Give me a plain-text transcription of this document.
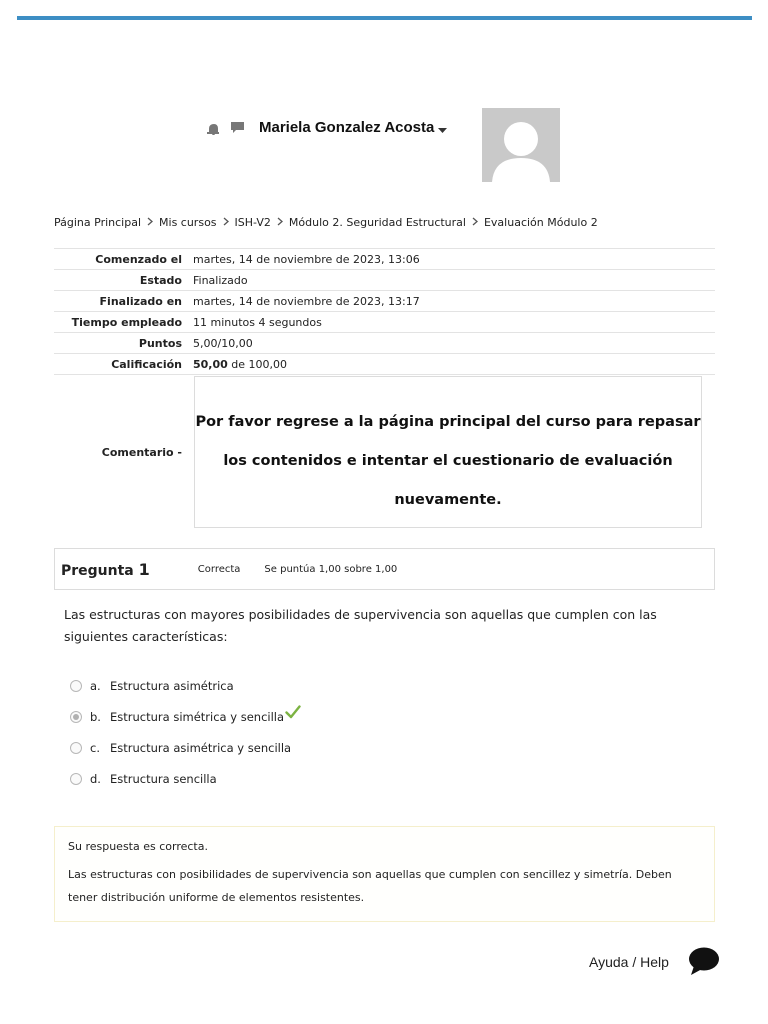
Mariela Gonzalez Acosta
Página Principal Mis cursos ISH-V2 Módulo 2. Seguridad Estructural Evaluación Módulo 2
Comenzado el	martes, 14 de noviembre de 2023, 13:06
Estado	Finalizado
Finalizado en	martes, 14 de noviembre de 2023, 13:17
Tiempo empleado	11 minutos 4 segundos
Puntos	5,00/10,00
Calificación	50,00 de 100,00
Comentario -

Por favor regrese a la página principal del curso para repasar los contenidos e intentar el cuestionario de evaluación nuevamente.

Pregunta 1	Correcta Se puntúa 1,00 sobre 1,00
Las estructuras con mayores posibilidades de supervivencia son aquellas que cumplen con las siguientes características:
a. Estructura asimétrica
b. Estructura simétrica y sencilla
c. Estructura asimétrica y sencilla
d. Estructura sencilla

Su respuesta es correcta.

Las estructuras con posibilidades de supervivencia son aquellas que cumplen con sencillez y simetría. Deben tener distribución uniforme de elementos resistentes.

Ayuda / Help
